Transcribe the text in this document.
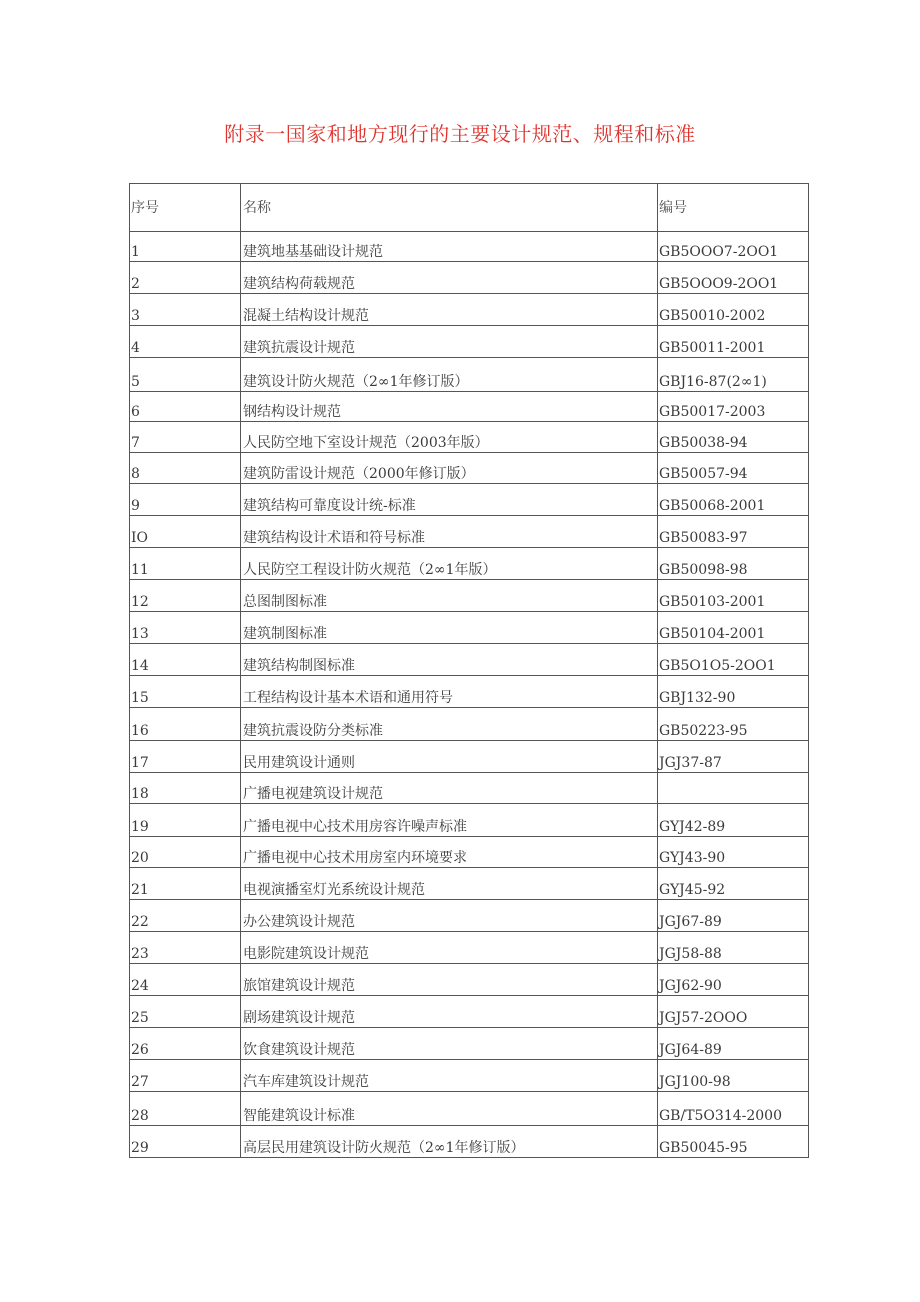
附录一国家和地方现行的主要设计规范、规程和标准
序号	名称	编号
1	建筑地基基础设计规范	GB5OOO7-2OO1
2	建筑结构荷载规范	GB5OOO9-2OO1
3	混凝土结构设计规范	GB50010-2002
4	建筑抗震设计规范	GB50011-2001
5	建筑设计防火规范（2∞1年修订版）	GBJ16-87(2∞1)
6	钢结构设计规范	GB50017-2003
7	人民防空地下室设计规范（2003年版）	GB50038-94
8	建筑防雷设计规范（2000年修订版）	GB50057-94
9	建筑结构可靠度设计统-标准	GB50068-2001
IO	建筑结构设计术语和符号标准	GB50083-97
11	人民防空工程设计防火规范（2∞1年版）	GB50098-98
12	总图制图标准	GB50103-2001
13	建筑制图标准	GB50104-2001
14	建筑结构制图标准	GB5O1O5-2OO1
15	工程结构设计基本术语和通用符号	GBJ132-90
16	建筑抗震设防分类标准	GB50223-95
17	民用建筑设计通则	JGJ37-87
18	广播电视建筑设计规范	
19	广播电视中心技术用房容许噪声标准	GYJ42-89
20	广播电视中心技术用房室内环境要求	GYJ43-90
21	电视演播室灯光系统设计规范	GYJ45-92
22	办公建筑设计规范	JGJ67-89
23	电影院建筑设计规范	JGJ58-88
24	旅馆建筑设计规范	JGJ62-90
25	剧场建筑设计规范	JGJ57-2OOO
26	饮食建筑设计规范	JGJ64-89
27	汽车库建筑设计规范	JGJ100-98
28	智能建筑设计标准	GB/T5O314-2000
29	高层民用建筑设计防火规范（2∞1年修订版）	GB50045-95
